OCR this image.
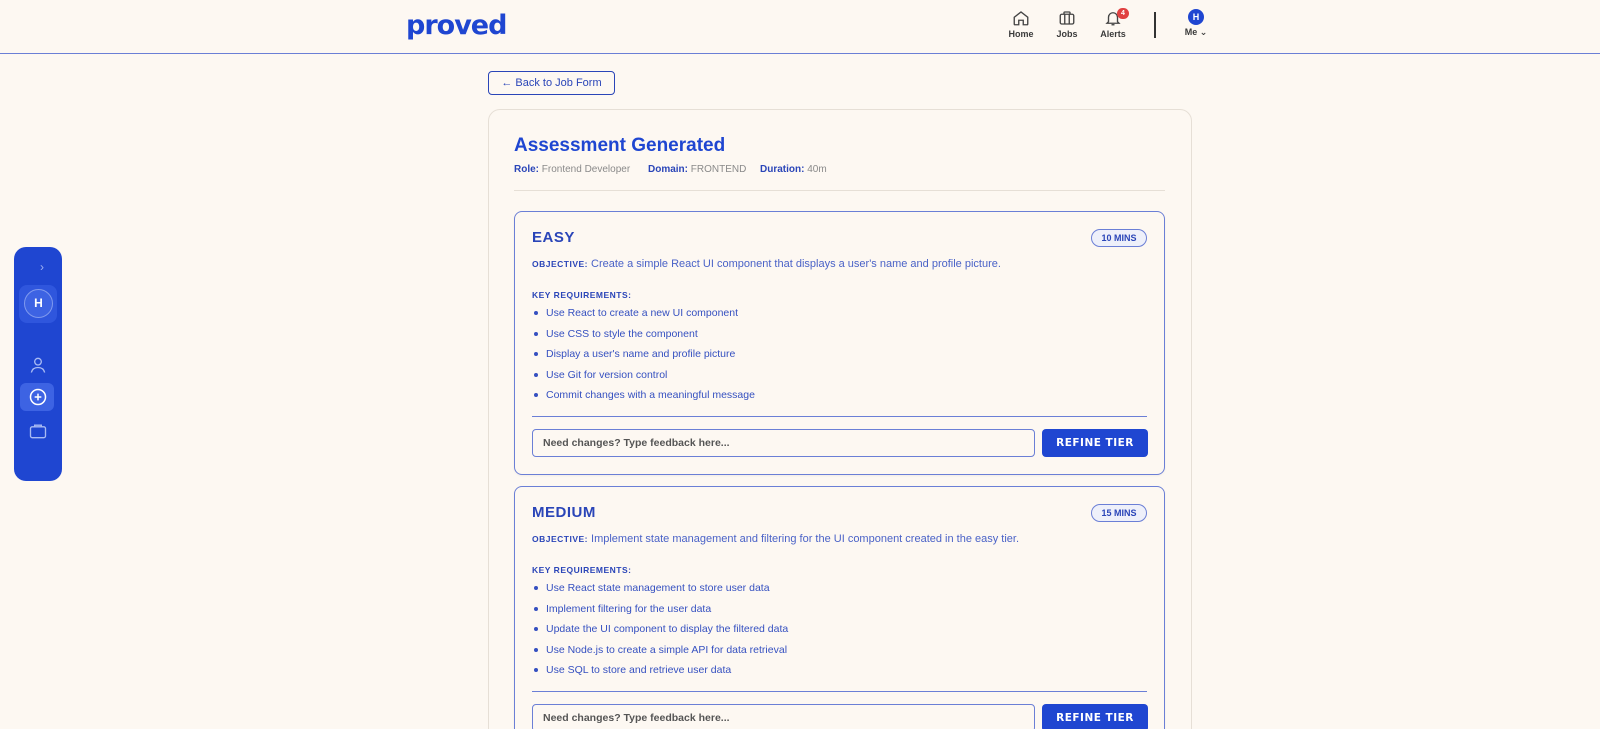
proved	Home	Jobs
4
Alerts
H
Me ⌄
›
H
← Back to Job Form
Assessment Generated
Role: Frontend Developer Domain: FRONTEND Duration: 40m
EASY	10 MINS
OBJECTIVE: Create a simple React UI component that displays a user's name and profile picture.
KEY REQUIREMENTS:
Use React to create a new UI component
Use CSS to style the component
Display a user's name and profile picture
Use Git for version control
Commit changes with a meaningful message
Need changes? Type feedback here...
REFINE TIER
MEDIUM	15 MINS
OBJECTIVE: Implement state management and filtering for the UI component created in the easy tier.
KEY REQUIREMENTS:
Use React state management to store user data
Implement filtering for the user data
Update the UI component to display the filtered data
Use Node.js to create a simple API for data retrieval
Use SQL to store and retrieve user data
Need changes? Type feedback here...
REFINE TIER
